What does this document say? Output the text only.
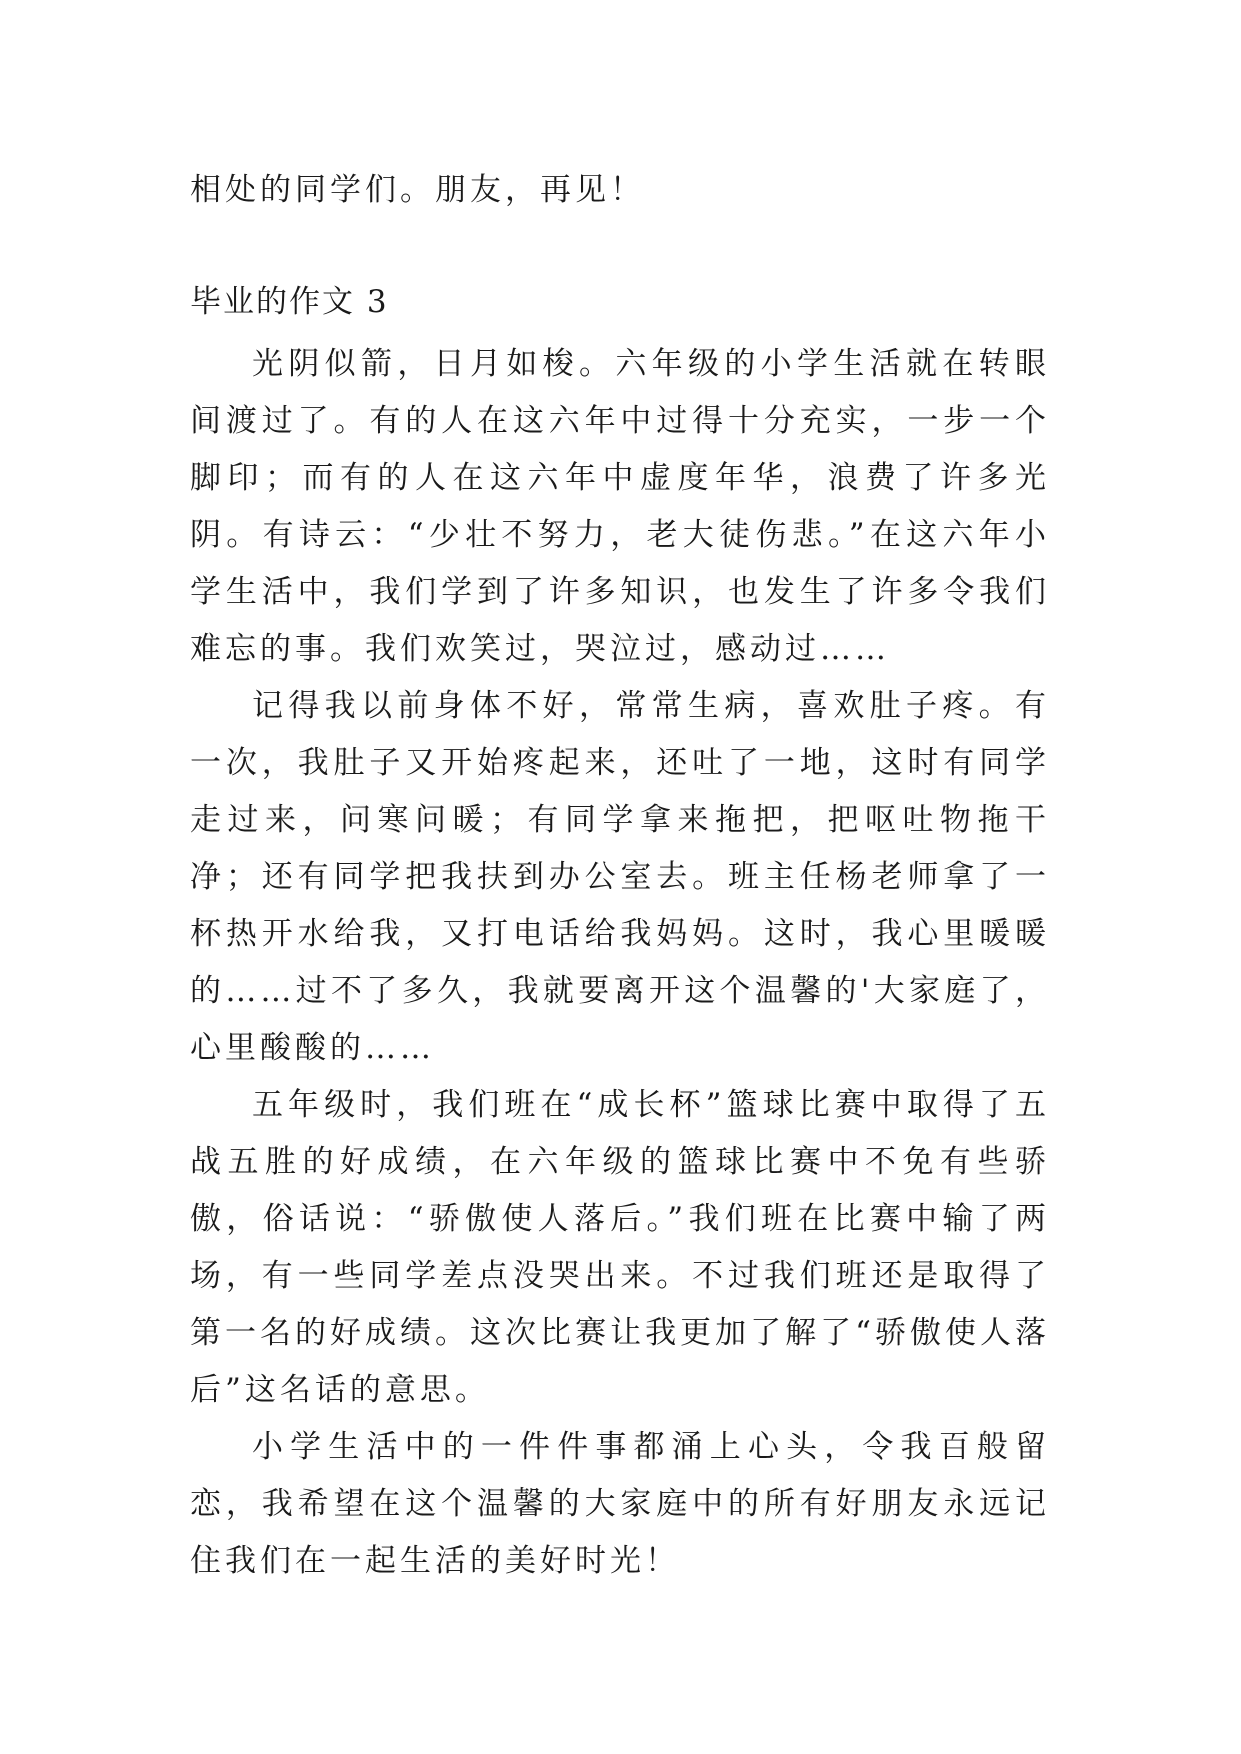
相处的同学们。朋友，再见！
毕业的作文 3

光阴似箭，日月如梭。六年级的小学生活就在转眼间渡过了。有的人在这六年中过得十分充实，一步一个脚印；而有的人在这六年中虚度年华，浪费了许多光阴。有诗云：“少壮不努力，老大徒伤悲。”在这六年小学生活中，我们学到了许多知识，也发生了许多令我们难忘的事。我们欢笑过，哭泣过，感动过……

记得我以前身体不好，常常生病，喜欢肚子疼。有一次，我肚子又开始疼起来，还吐了一地，这时有同学走过来，问寒问暖；有同学拿来拖把，把呕吐物拖干净；还有同学把我扶到办公室去。班主任杨老师拿了一杯热开水给我，又打电话给我妈妈。这时，我心里暖暖的……过不了多久，我就要离开这个温馨的'大家庭了，心里酸酸的……

五年级时，我们班在“成长杯”篮球比赛中取得了五战五胜的好成绩，在六年级的篮球比赛中不免有些骄傲，俗话说：“骄傲使人落后。”我们班在比赛中输了两场，有一些同学差点没哭出来。不过我们班还是取得了第一名的好成绩。这次比赛让我更加了解了“骄傲使人落后”这名话的意思。

小学生活中的一件件事都涌上心头，令我百般留恋，我希望在这个温馨的大家庭中的所有好朋友永远记住我们在一起生活的美好时光！
